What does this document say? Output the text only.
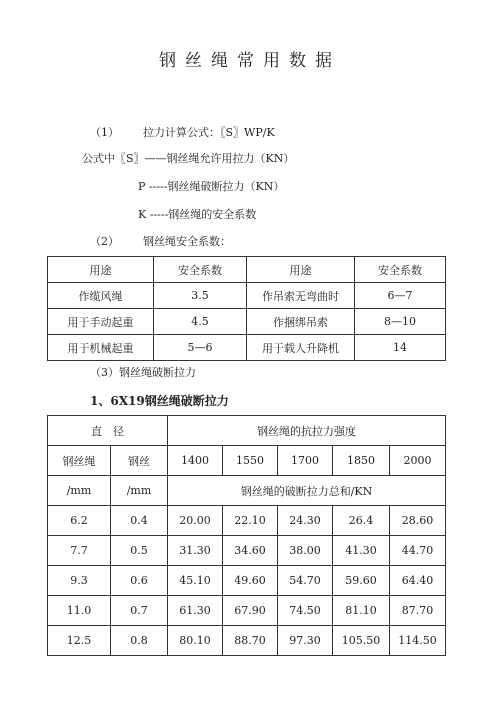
钢丝绳常用数据
（1） 拉力计算公式：〖S〗WP/K
公式中〖S〗——钢丝绳允许用拉力（KN）
P -----钢丝绳破断拉力（KN）
K -----钢丝绳的安全系数
（2） 钢丝绳安全系数：
用途	安全系数	用途	安全系数
作缆风绳	3.5	作吊索无弯曲时	6—7
用于手动起重	4.5	作捆绑吊索	8—10
用于机械起重	5—6	用于载人升降机	14
（3）钢丝绳破断拉力
1、6X19钢丝绳破断拉力
直　径		钢丝绳的抗拉力强度				
钢丝绳	钢丝	1400	1550	1700	1850	2000
/mm	/mm	钢丝绳的破断拉力总和/KN				
6.2	0.4	20.00	22.10	24.30	26.4	28.60
7.7	0.5	31.30	34.60	38.00	41.30	44.70
9.3	0.6	45.10	49.60	54.70	59.60	64.40
11.0	0.7	61.30	67.90	74.50	81.10	87.70
12.5	0.8	80.10	88.70	97.30	105.50	114.50
